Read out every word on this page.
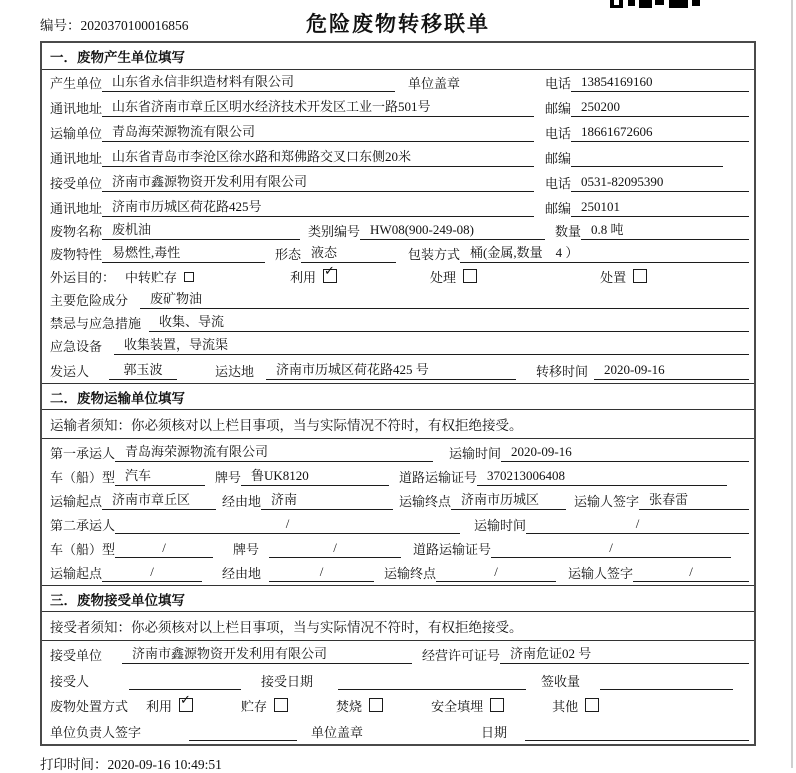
编号：2020370100016856	危险废物转移联单
一．废物产生单位填写
产生单位 山东省永信非织造材料有限公司	单位盖章	电话 13854169160
通讯地址 山东省济南市章丘区明水经济技术开发区工业一路501号	邮编 250200
运输单位 青岛海荣源物流有限公司	电话 18661672606
通讯地址 山东省青岛市李沧区徐水路和郑佛路交叉口东侧20米	邮编
接受单位 济南市鑫源物资开发利用有限公司	电话 0531-82095390
通讯地址 济南市历城区荷花路425号	邮编 250101
废物名称 废机油	类别编号 HW08(900-249-08)	数量 0.8 吨
废物特性 易燃性,毒性	形态 液态	包装方式 桶(金属,数量　4 ）
外运目的： 中转贮存	利用 ✓	处理	处置
主要危险成分	废矿物油
禁忌与应急措施	收集、导流
应急设备	收集装置，导流渠
发运人	郭玉波	运达地	济南市历城区荷花路425 号	转移时间	2020-09-16
二．废物运输单位填写
运输者须知：你必须核对以上栏目事项，当与实际情况不符时，有权拒绝接受。
第一承运人 青岛海荣源物流有限公司	运输时间 2020-09-16
车（船）型 汽车	牌号 鲁UK8120	道路运输证号 370213006408
运输起点 济南市章丘区	经由地 济南	运输终点 济南市历城区	运输人签字 张春雷
第二承运人	/	运输时间	/
车（船）型	/	牌号	/	道路运输证号	/
运输起点	/	经由地	/	运输终点	/	运输人签字	/
三．废物接受单位填写
接受者须知：你必须核对以上栏目事项，当与实际情况不符时，有权拒绝接受。
接受单位	济南市鑫源物资开发利用有限公司	经营许可证号 济南危证02 号
接受人	接受日期	签收量
废物处置方式 利用 ✓	贮存	焚烧	安全填埋	其他
单位负责人签字	单位盖章	日期
打印时间：2020-09-16 10:49:51
